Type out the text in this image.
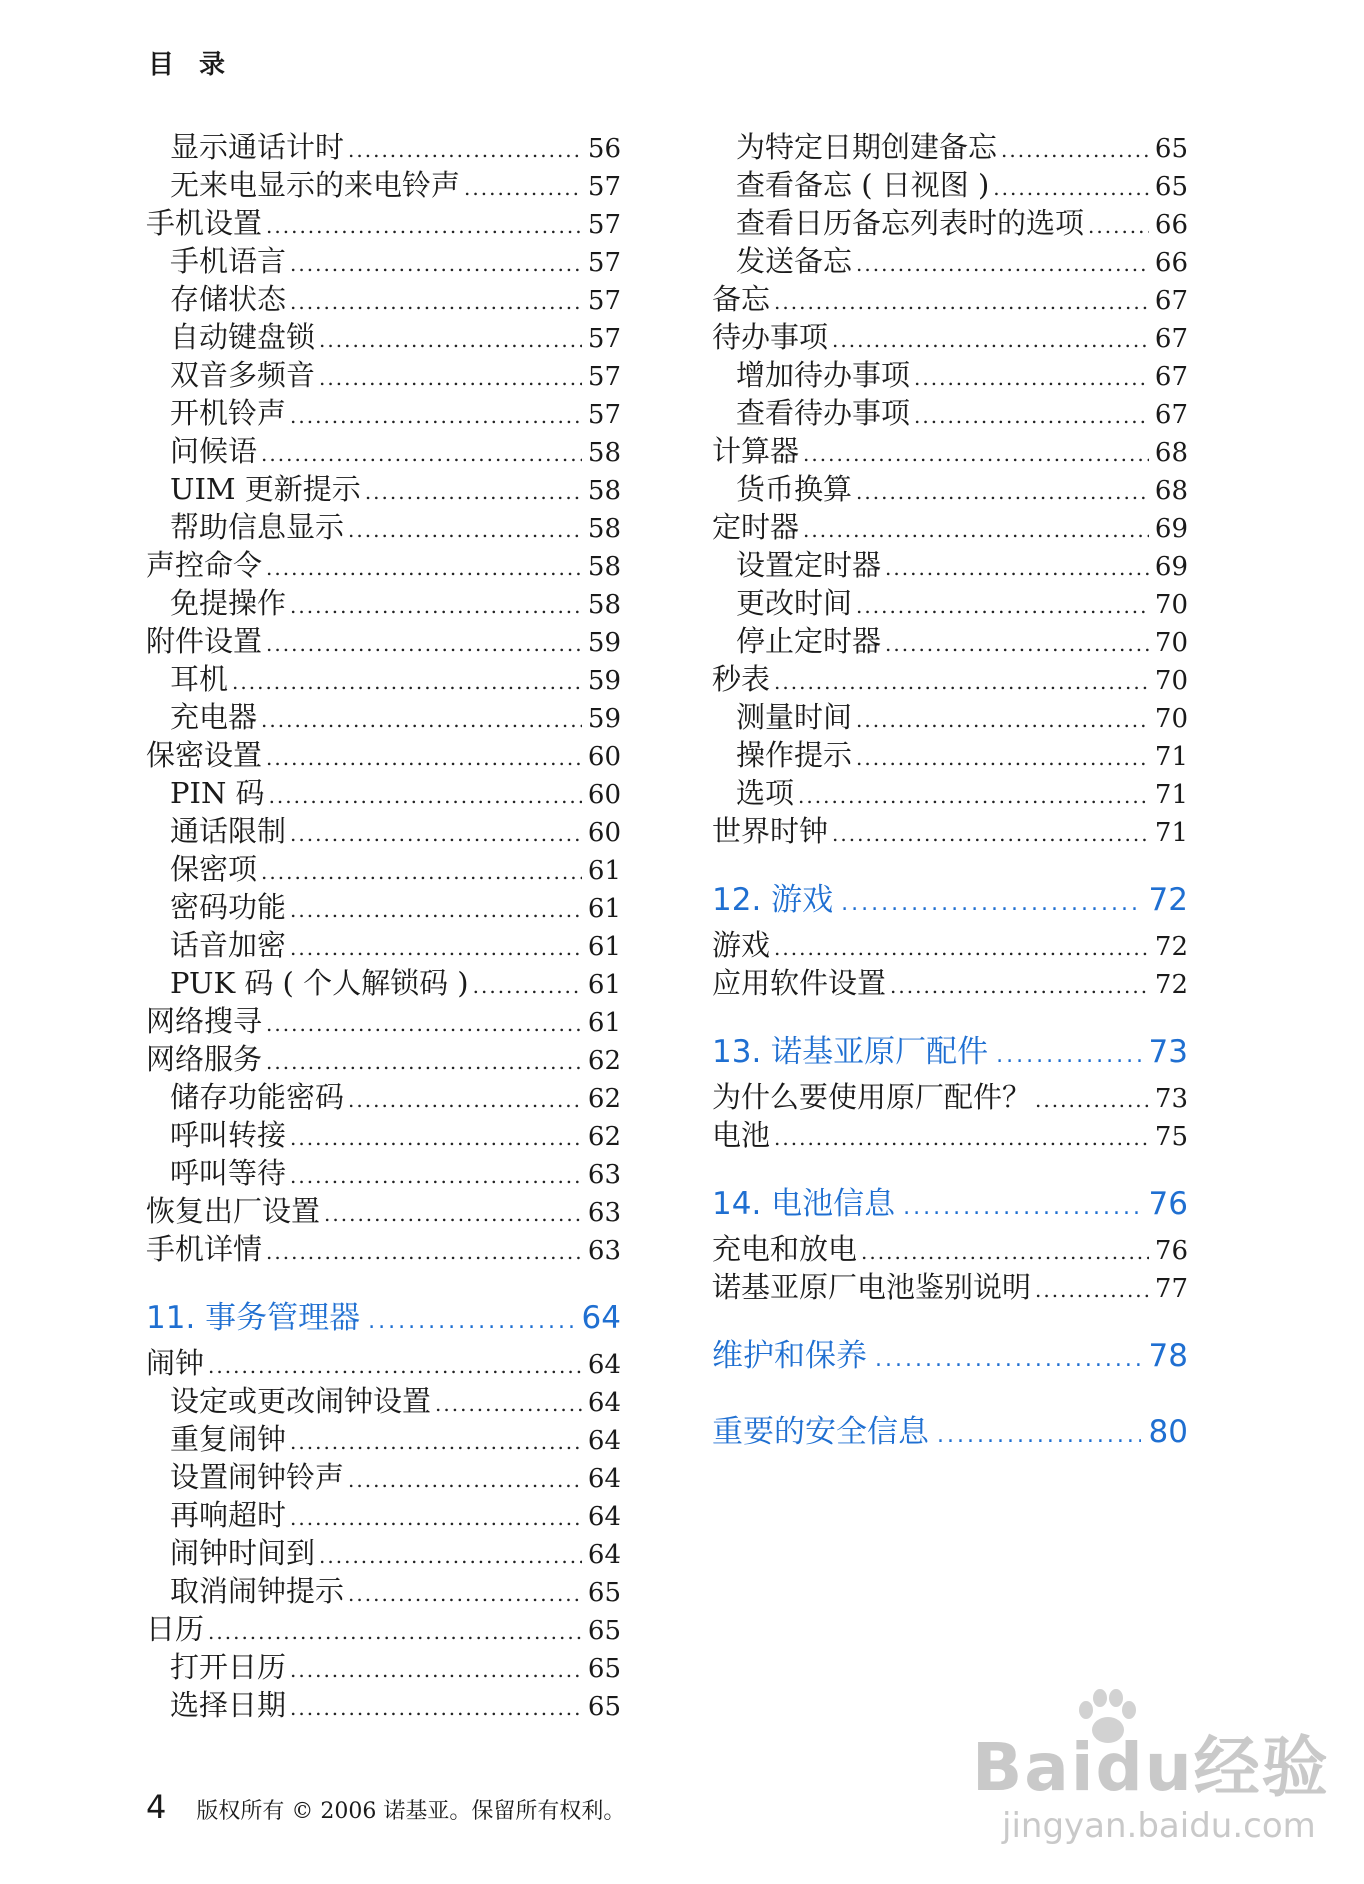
目 录
显示通话计时 .....	56
无来电显示的来电铃声 .....	57
手机设置 .....	57
手机语言 .....	57
存储状态 .....	57
自动键盘锁 .....	57
双音多频音 .....	57
开机铃声 .....	57
问候语 .....	58
UIM 更新提示 .....	58
帮助信息显示 .....	58
声控命令 .....	58
免提操作 .....	58
附件设置 .....	59
耳机 .....	59
充电器 .....	59
保密设置 .....	60
PIN 码 .....	60
通话限制 .....	60
保密项 .....	61
密码功能 .....	61
话音加密 .....	61
PUK 码 ( 个人解锁码 ) .....	61
网络搜寻 .....	61
网络服务 .....	62
储存功能密码 .....	62
呼叫转接 .....	62
呼叫等待 .....	63
恢复出厂设置 .....	63
手机详情 .....	63
11. 事务管理器 .....	64
闹钟 .....	64
设定或更改闹钟设置 .....	64
重复闹钟 .....	64
设置闹钟铃声 .....	64
再响超时 .....	64
闹钟时间到 .....	64
取消闹钟提示 .....	65
日历 .....	65
打开日历 .....	65
选择日期 .....	65
为特定日期创建备忘 .....	65
查看备忘 ( 日视图 ) .....	65
查看日历备忘列表时的选项 .....	66
发送备忘 .....	66
备忘 .....	67
待办事项 .....	67
增加待办事项 .....	67
查看待办事项 .....	67
计算器 .....	68
货币换算 .....	68
定时器 .....	69
设置定时器 .....	69
更改时间 .....	70
停止定时器 .....	70
秒表 .....	70
测量时间 .....	70
操作提示 .....	71
选项 .....	71
世界时钟 .....	71
12. 游戏 .....	72
游戏 .....	72
应用软件设置 .....	72
13. 诺基亚原厂配件 .....	73
为什么要使用原厂配件？ .....	73
电池 .....	75
14. 电池信息 .....	76
充电和放电 .....	76
诺基亚原厂电池鉴别说明 .....	77
维护和保养 .....	78
重要的安全信息 .....	80
4 版权所有 © 2006 诺基亚。保留所有权利。
Baidu经验
jingyan.baidu.com
